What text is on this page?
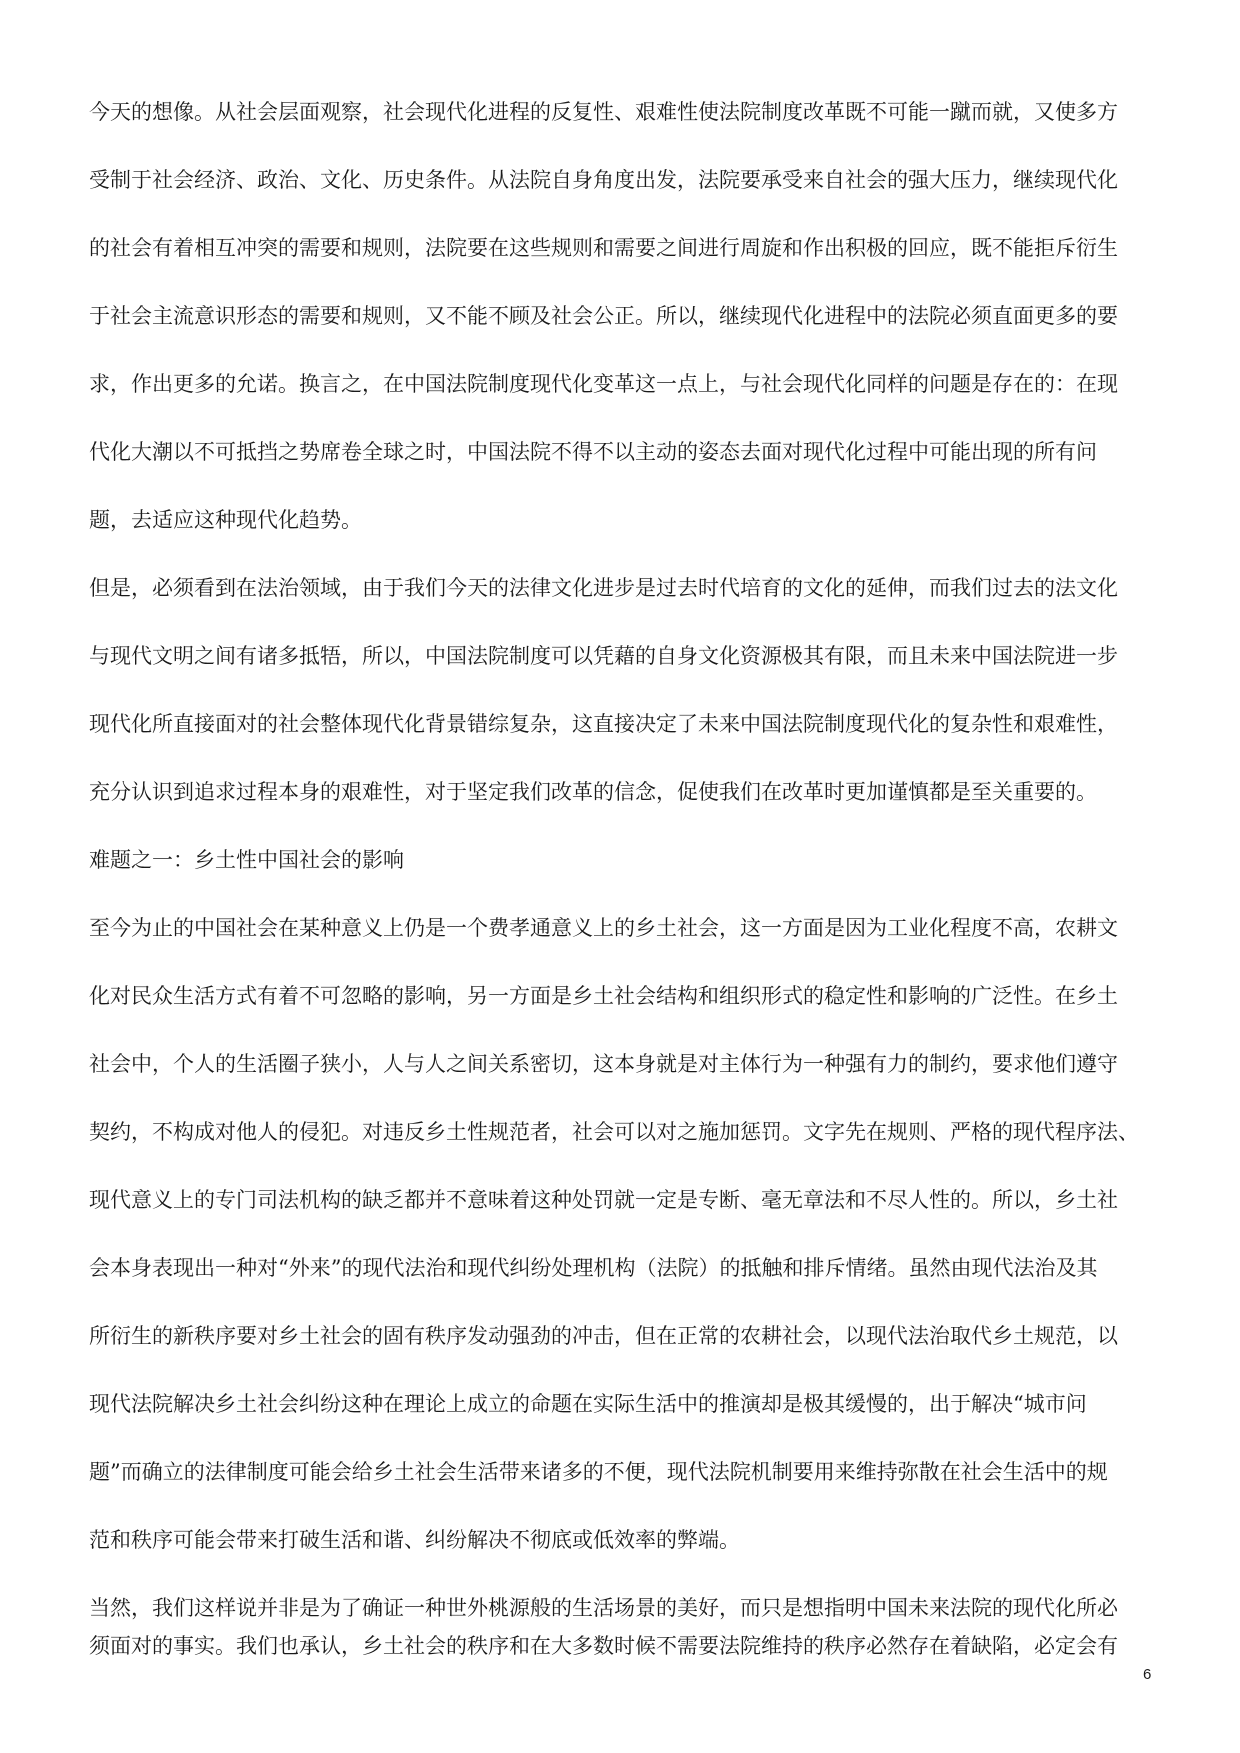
今天的想像。从社会层面观察，社会现代化进程的反复性、艰难性使法院制度改革既不可能一蹴而就，又使多方
受制于社会经济、政治、文化、历史条件。从法院自身角度出发，法院要承受来自社会的强大压力，继续现代化
的社会有着相互冲突的需要和规则，法院要在这些规则和需要之间进行周旋和作出积极的回应，既不能拒斥衍生
于社会主流意识形态的需要和规则，又不能不顾及社会公正。所以，继续现代化进程中的法院必须直面更多的要
求，作出更多的允诺。换言之，在中国法院制度现代化变革这一点上，与社会现代化同样的问题是存在的：在现
代化大潮以不可抵挡之势席卷全球之时，中国法院不得不以主动的姿态去面对现代化过程中可能出现的所有问
题，去适应这种现代化趋势。
但是，必须看到在法治领域，由于我们今天的法律文化进步是过去时代培育的文化的延伸，而我们过去的法文化
与现代文明之间有诸多抵牾，所以，中国法院制度可以凭藉的自身文化资源极其有限，而且未来中国法院进一步
现代化所直接面对的社会整体现代化背景错综复杂，这直接决定了未来中国法院制度现代化的复杂性和艰难性，
充分认识到追求过程本身的艰难性，对于坚定我们改革的信念，促使我们在改革时更加谨慎都是至关重要的。
难题之一：乡土性中国社会的影响
至今为止的中国社会在某种意义上仍是一个费孝通意义上的乡土社会，这一方面是因为工业化程度不高，农耕文
化对民众生活方式有着不可忽略的影响，另一方面是乡土社会结构和组织形式的稳定性和影响的广泛性。在乡土
社会中，个人的生活圈子狭小，人与人之间关系密切，这本身就是对主体行为一种强有力的制约，要求他们遵守
契约，不构成对他人的侵犯。对违反乡土性规范者，社会可以对之施加惩罚。文字先在规则、严格的现代程序法、
现代意义上的专门司法机构的缺乏都并不意味着这种处罚就一定是专断、毫无章法和不尽人性的。所以，乡土社
会本身表现出一种对“外来”的现代法治和现代纠纷处理机构（法院）的抵触和排斥情绪。虽然由现代法治及其
所衍生的新秩序要对乡土社会的固有秩序发动强劲的冲击，但在正常的农耕社会，以现代法治取代乡土规范，以
现代法院解决乡土社会纠纷这种在理论上成立的命题在实际生活中的推演却是极其缓慢的，出于解决“城市问
题”而确立的法律制度可能会给乡土社会生活带来诸多的不便，现代法院机制要用来维持弥散在社会生活中的规
范和秩序可能会带来打破生活和谐、纠纷解决不彻底或低效率的弊端。
当然，我们这样说并非是为了确证一种世外桃源般的生活场景的美好，而只是想指明中国未来法院的现代化所必
须面对的事实。我们也承认，乡土社会的秩序和在大多数时候不需要法院维持的秩序必然存在着缺陷，必定会有
6
